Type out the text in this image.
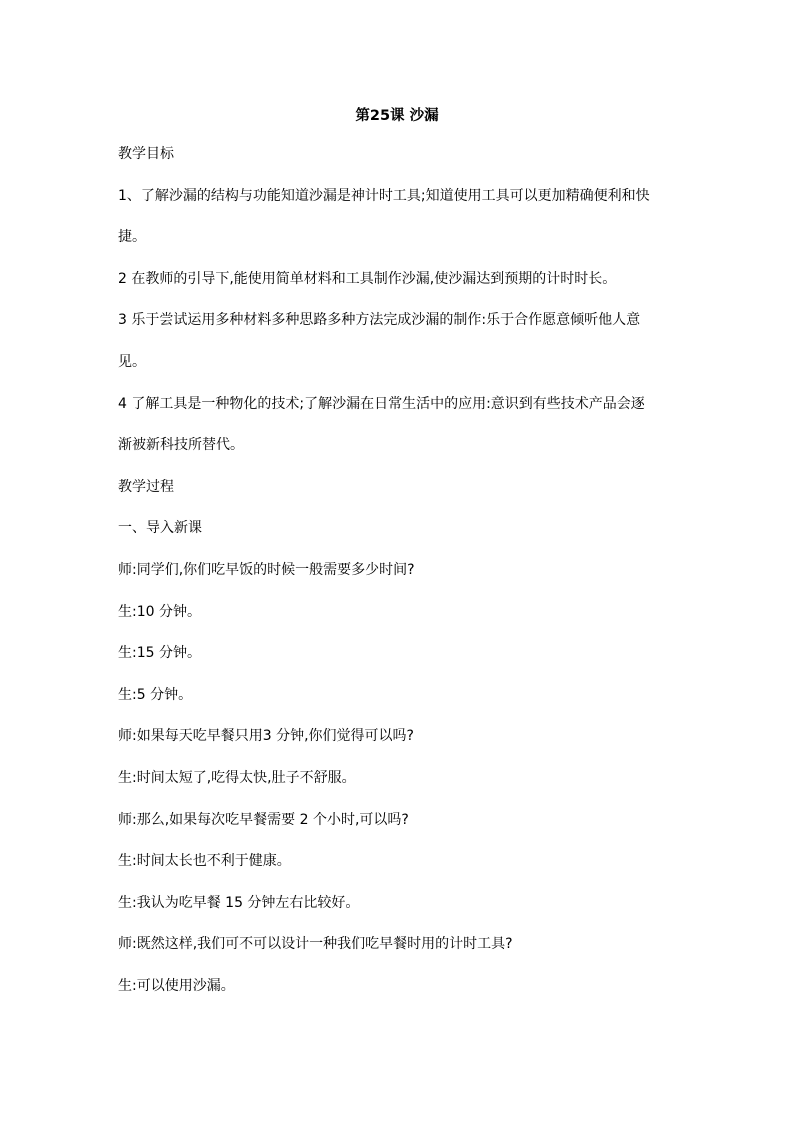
第25课 沙漏
教学目标
1、了解沙漏的结构与功能知道沙漏是神计时工具;知道使用工具可以更加精确便利和快
捷。
2 在教师的引导下,能使用简单材料和工具制作沙漏,使沙漏达到预期的计时时长。
3 乐于尝试运用多种材料多种思路多种方法完成沙漏的制作:乐于合作愿意倾听他人意
见。
4 了解工具是一种物化的技术;了解沙漏在日常生活中的应用:意识到有些技术产品会逐
渐被新科技所替代。
教学过程
一、导入新课
师:同学们,你们吃早饭的时候一般需要多少时间?
生:10 分钟。
生:15 分钟。
生:5 分钟。
师:如果每天吃早餐只用3 分钟,你们觉得可以吗?
生:时间太短了,吃得太快,肚子不舒服。
师:那么,如果每次吃早餐需要 2 个小时,可以吗?
生:时间太长也不利于健康。
生:我认为吃早餐 15 分钟左右比较好。
师:既然这样,我们可不可以设计一种我们吃早餐时用的计时工具?
生:可以使用沙漏。
